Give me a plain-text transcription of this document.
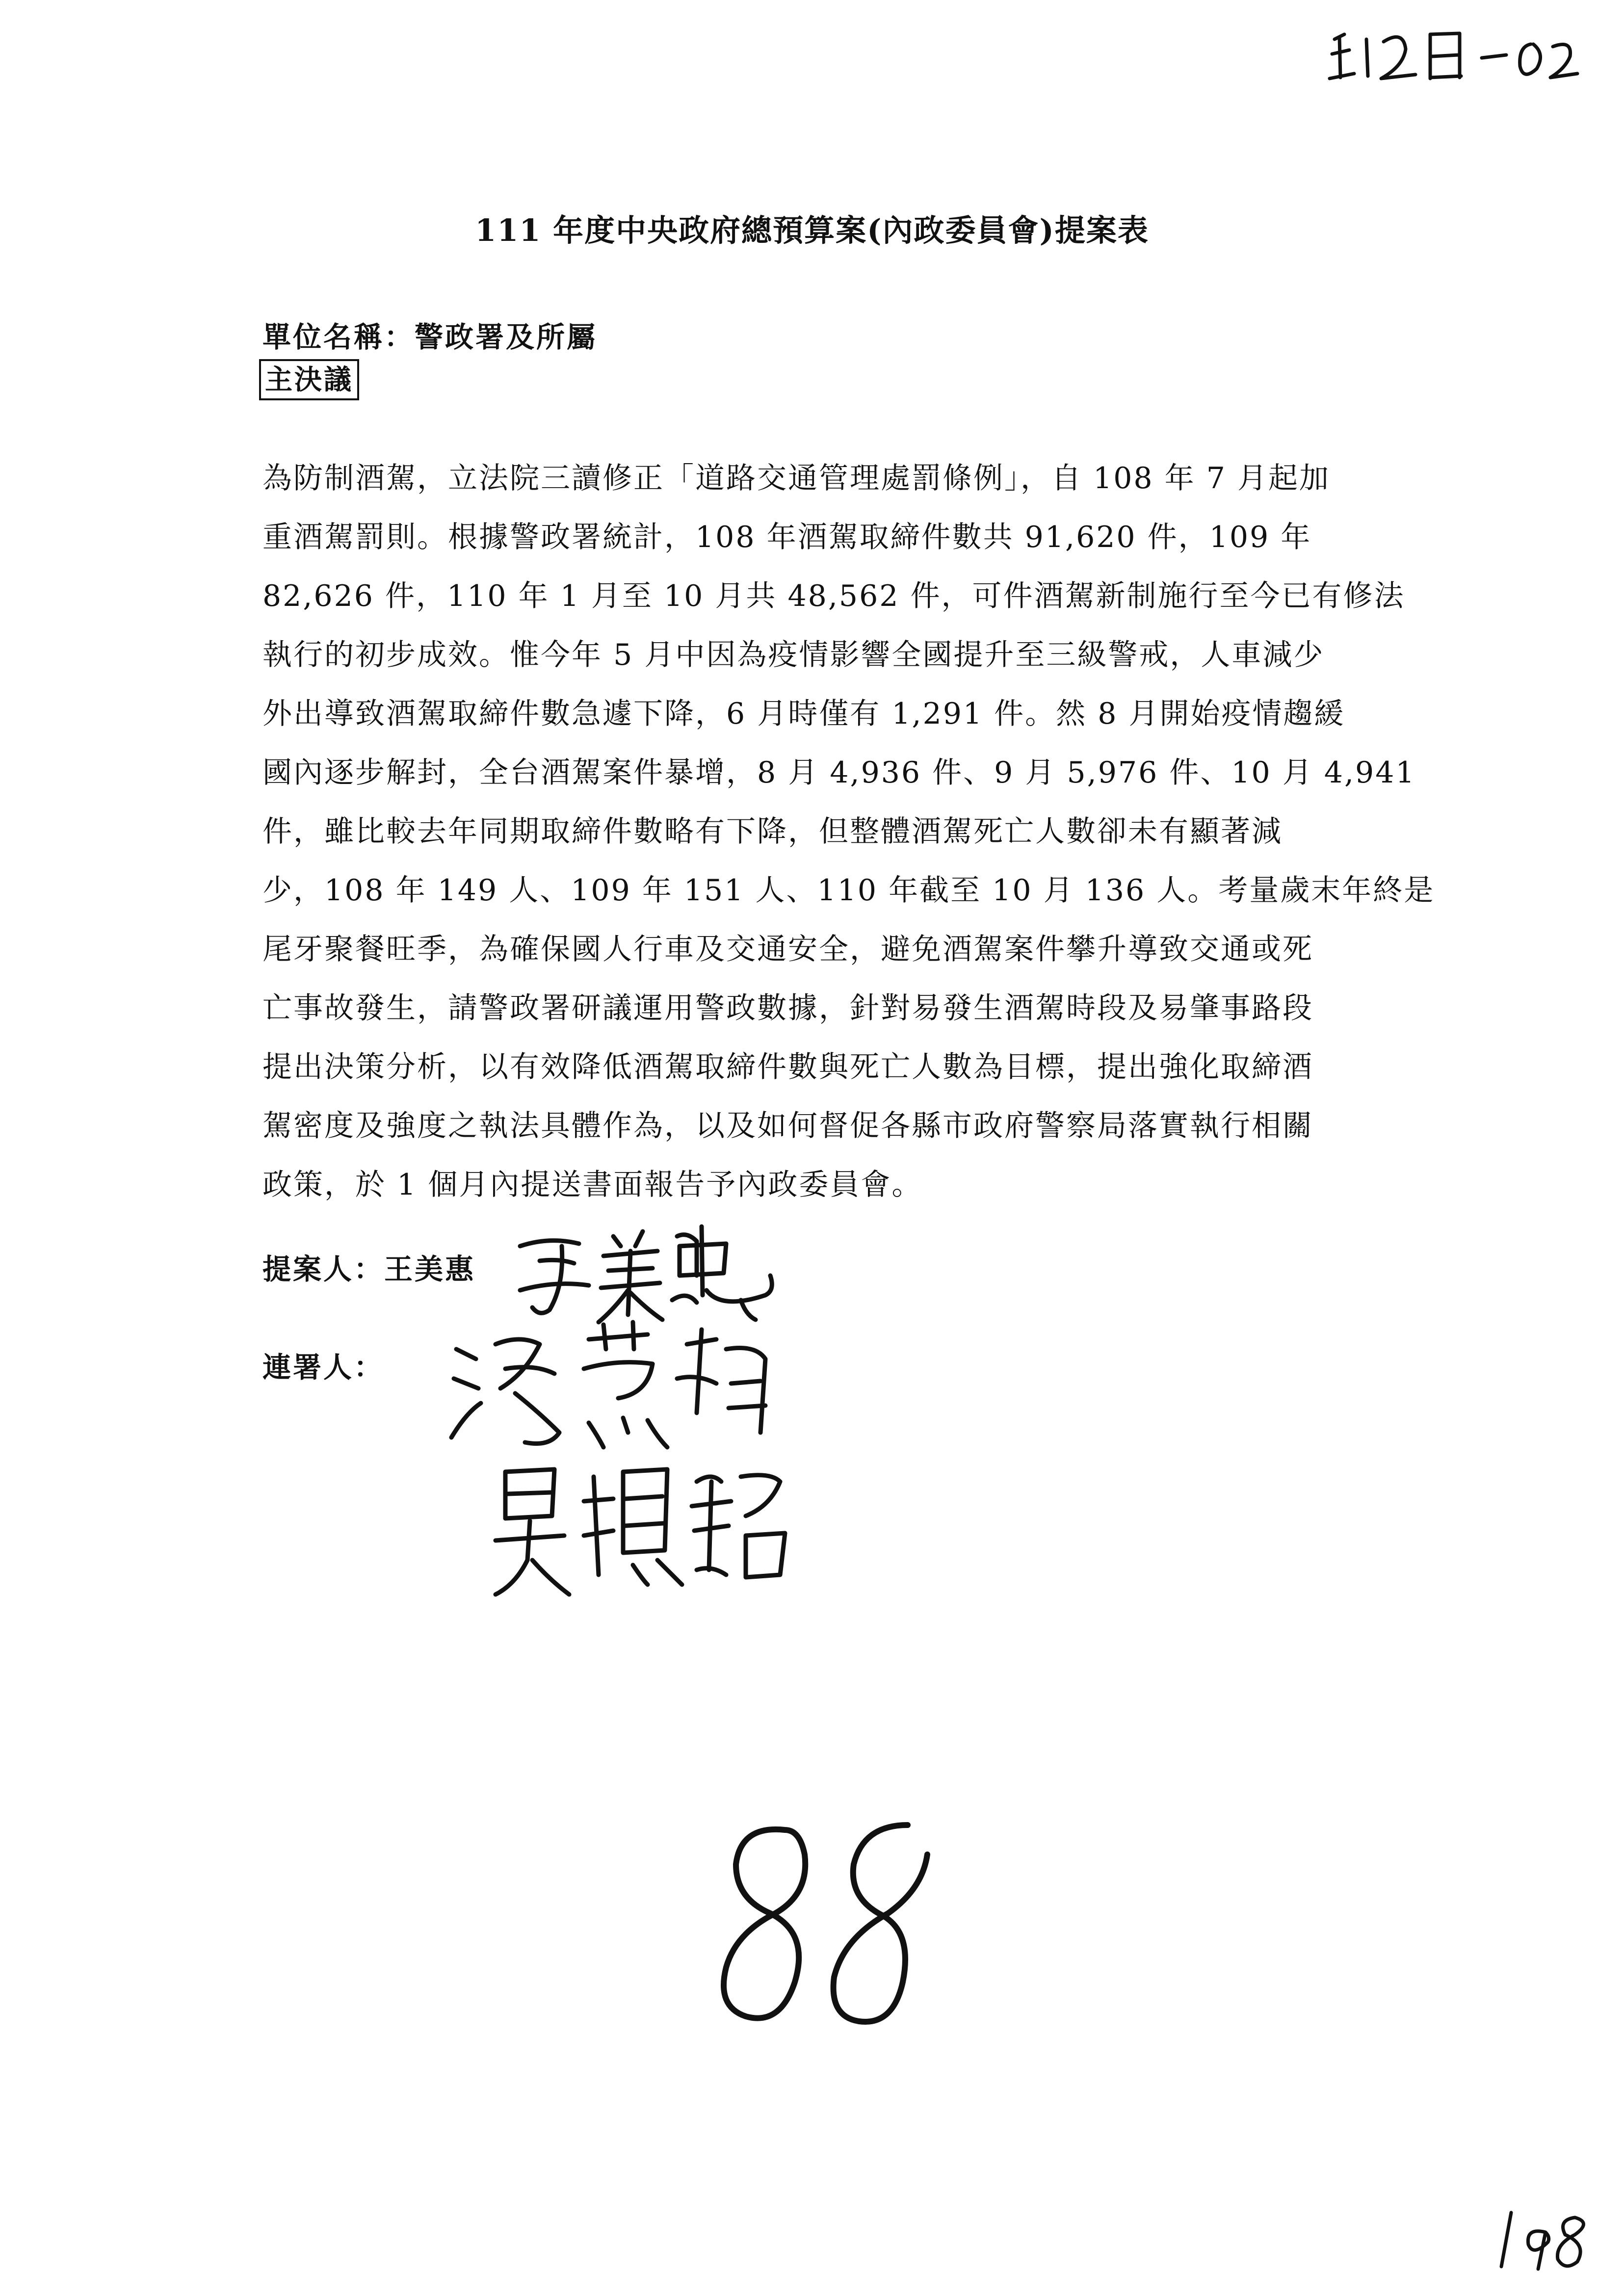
111 年度中央政府總預算案(內政委員會)提案表
單位名稱：警政署及所屬
主決議
為防制酒駕，立法院三讀修正「道路交通管理處罰條例」，自 108 年 7 月起加
重酒駕罰則。根據警政署統計，108 年酒駕取締件數共 91,620 件，109 年
82,626 件，110 年 1 月至 10 月共 48,562 件，可件酒駕新制施行至今已有修法
執行的初步成效。惟今年 5 月中因為疫情影響全國提升至三級警戒，人車減少
外出導致酒駕取締件數急遽下降，6 月時僅有 1,291 件。然 8 月開始疫情趨緩
國內逐步解封，全台酒駕案件暴增，8 月 4,936 件、9 月 5,976 件、10 月 4,941
件，雖比較去年同期取締件數略有下降，但整體酒駕死亡人數卻未有顯著減
少，108 年 149 人、109 年 151 人、110 年截至 10 月 136 人。考量歲末年終是
尾牙聚餐旺季，為確保國人行車及交通安全，避免酒駕案件攀升導致交通或死
亡事故發生，請警政署研議運用警政數據，針對易發生酒駕時段及易肇事路段
提出決策分析，以有效降低酒駕取締件數與死亡人數為目標，提出強化取締酒
駕密度及強度之執法具體作為，以及如何督促各縣市政府警察局落實執行相關
政策，於 1 個月內提送書面報告予內政委員會。
提案人：王美惠
連署人：
